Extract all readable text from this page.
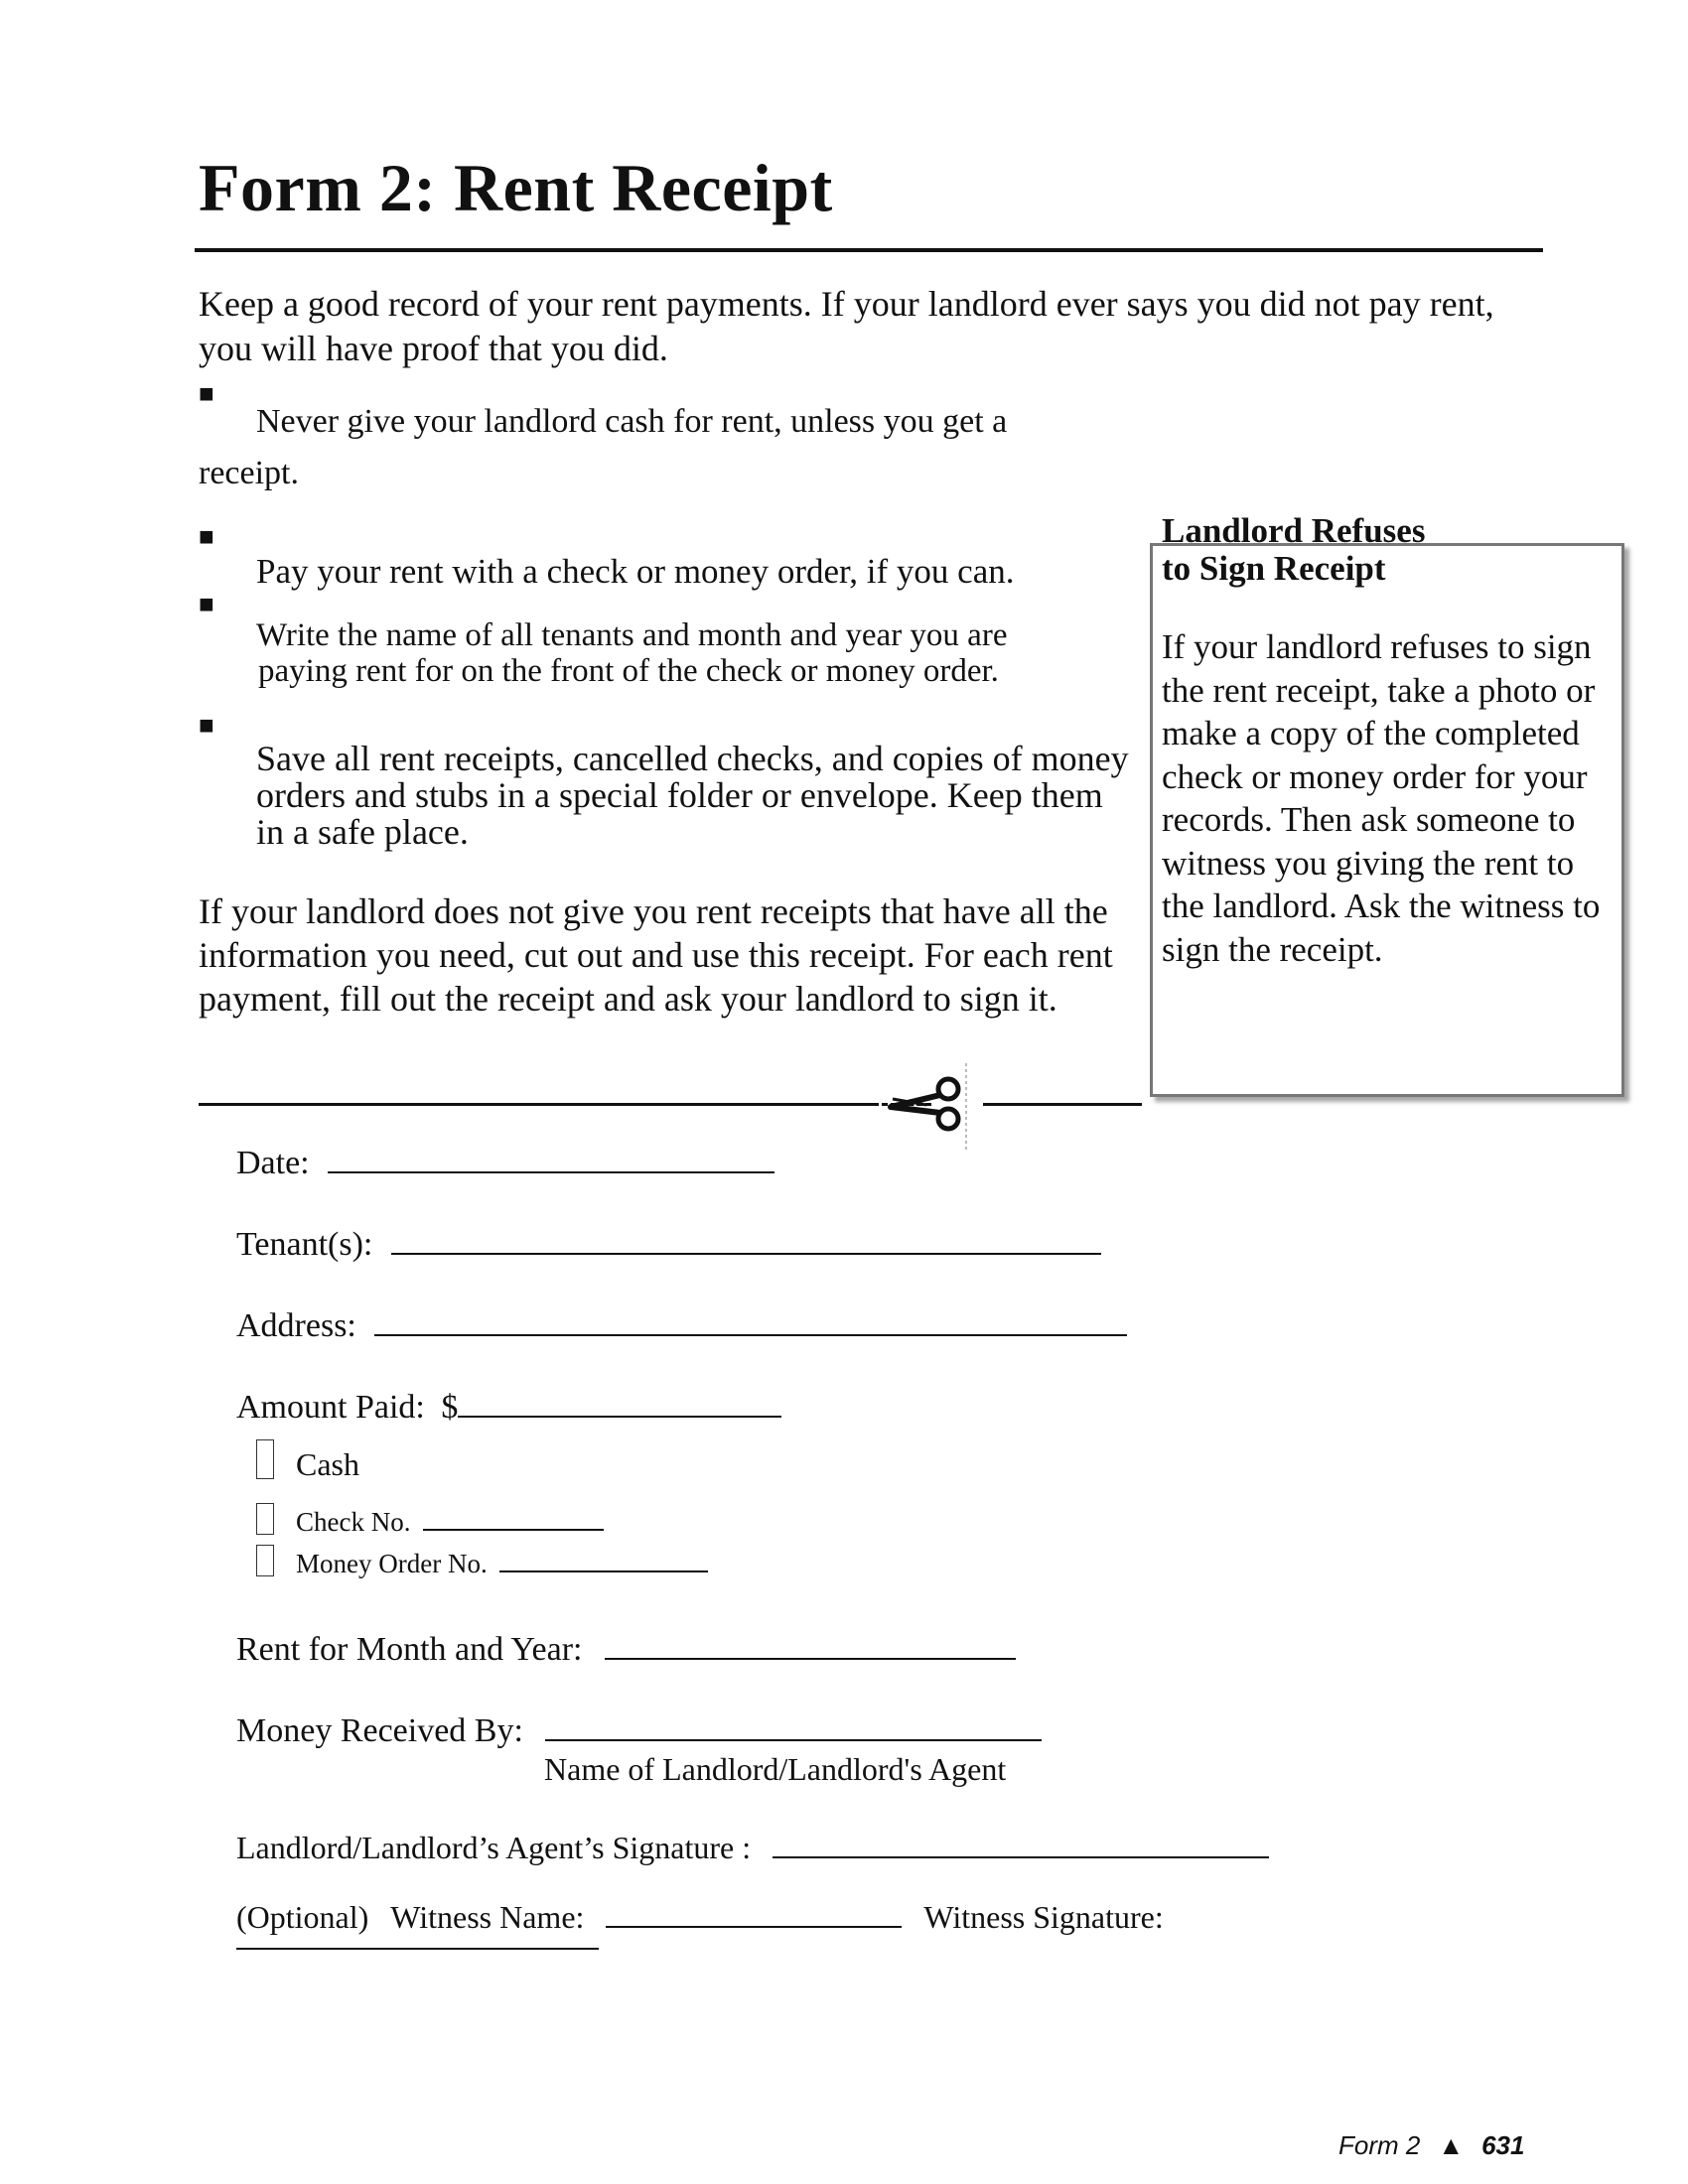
Form 2: Rent Receipt
Keep a good record of your rent payments. If your landlord ever says you did not pay rent, you will have proof that you did.
■
Never give your landlord cash for rent, unless you get a
receipt.
■
Pay your rent with a check or money order, if you can.
■
Write the name of all tenants and month and year you are
paying rent for on the front of the check or money order.
■
Save all rent receipts, cancelled checks, and copies of money orders and stubs in a special folder or envelope. Keep them in a safe place.
If your landlord does not give you rent receipts that have all the information you need, cut out and use this receipt. For each rent payment, fill out the receipt and ask your landlord to sign it.
Landlord Refuses
to Sign Receipt
If your landlord refuses to sign the rent receipt, take a photo or make a copy of the completed check or money order for your records. Then ask someone to witness you giving the rent to the landlord. Ask the witness to sign the receipt.
Date:
Tenant(s):
Address:
Amount Paid: $
Cash
Check No.
Money Order No.
Rent for Month and Year:
Money Received By:
Name of Landlord/Landlord's Agent
Landlord/Landlord’s Agent’s Signature :
(Optional) Witness Name:	Witness Signature:
Form 2 ▲ 631
